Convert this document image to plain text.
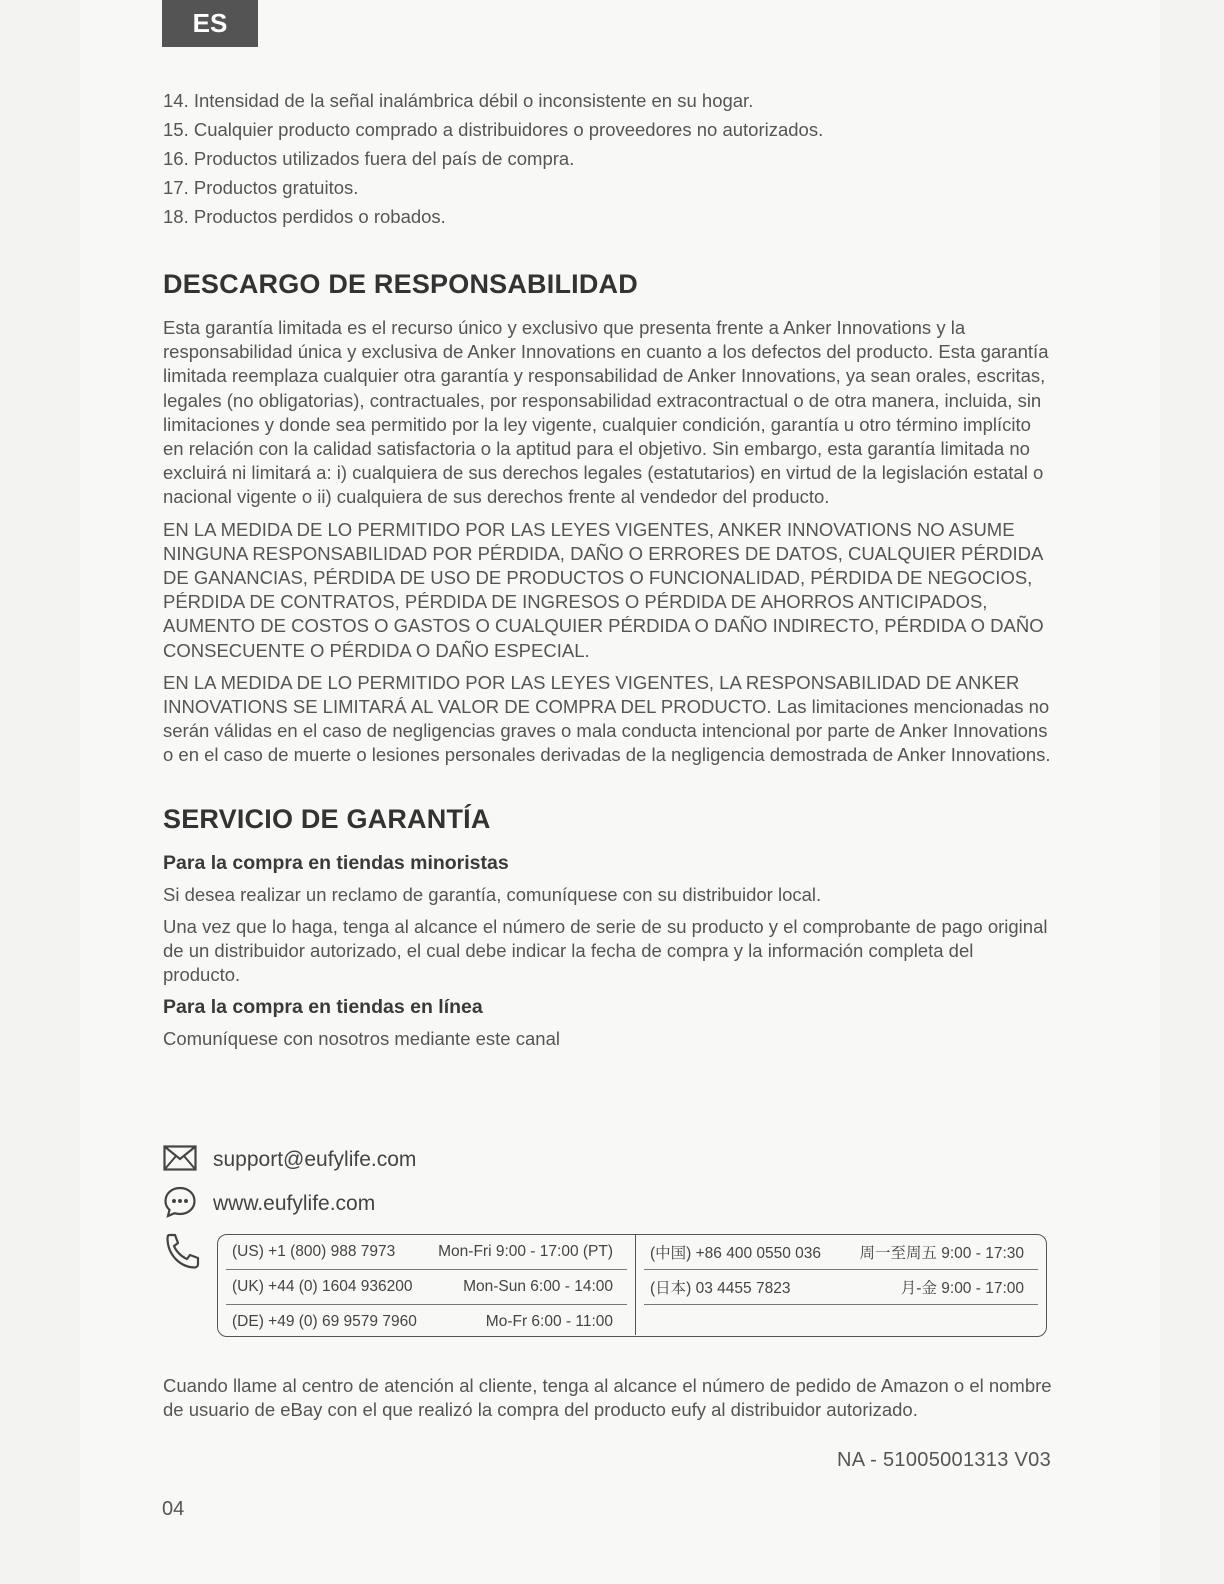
ES
14. Intensidad de la señal inalámbrica débil o inconsistente en su hogar.
15. Cualquier producto comprado a distribuidores o proveedores no autorizados.
16. Productos utilizados fuera del país de compra.
17. Productos gratuitos.
18. Productos perdidos o robados.
DESCARGO DE RESPONSABILIDAD

Esta garantía limitada es el recurso único y exclusivo que presenta frente a Anker Innovations y la responsabilidad única y exclusiva de Anker Innovations en cuanto a los defectos del producto. Esta garantía limitada reemplaza cualquier otra garantía y responsabilidad de Anker Innovations, ya sean orales, escritas, legales (no obligatorias), contractuales, por responsabilidad extracontractual o de otra manera, incluida, sin limitaciones y donde sea permitido por la ley vigente, cualquier condición, garantía u otro término implícito en relación con la calidad satisfactoria o la aptitud para el objetivo. Sin embargo, esta garantía limitada no excluirá ni limitará a: i) cualquiera de sus derechos legales (estatutarios) en virtud de la legislación estatal o nacional vigente o ii) cualquiera de sus derechos frente al vendedor del producto.

EN LA MEDIDA DE LO PERMITIDO POR LAS LEYES VIGENTES, ANKER INNOVATIONS NO ASUME NINGUNA RESPONSABILIDAD POR PÉRDIDA, DAÑO O ERRORES DE DATOS, CUALQUIER PÉRDIDA DE GANANCIAS, PÉRDIDA DE USO DE PRODUCTOS O FUNCIONALIDAD, PÉRDIDA DE NEGOCIOS, PÉRDIDA DE CONTRATOS, PÉRDIDA DE INGRESOS O PÉRDIDA DE AHORROS ANTICIPADOS, AUMENTO DE COSTOS O GASTOS O CUALQUIER PÉRDIDA O DAÑO INDIRECTO, PÉRDIDA O DAÑO CONSECUENTE O PÉRDIDA O DAÑO ESPECIAL.

EN LA MEDIDA DE LO PERMITIDO POR LAS LEYES VIGENTES, LA RESPONSABILIDAD DE ANKER INNOVATIONS SE LIMITARÁ AL VALOR DE COMPRA DEL PRODUCTO. Las limitaciones mencionadas no serán válidas en el caso de negligencias graves o mala conducta intencional por parte de Anker Innovations o en el caso de muerte o lesiones personales derivadas de la negligencia demostrada de Anker Innovations.

SERVICIO DE GARANTÍA
Para la compra en tiendas minoristas

Si desea realizar un reclamo de garantía, comuníquese con su distribuidor local.

Una vez que lo haga, tenga al alcance el número de serie de su producto y el comprobante de pago original de un distribuidor autorizado, el cual debe indicar la fecha de compra y la información completa del producto.

Para la compra en tiendas en línea

Comuníquese con nosotros mediante este canal

support@eufylife.com
www.eufylife.com
(US) +1 (800) 988 7973	Mon-Fri 9:00 - 17:00 (PT)
(UK) +44 (0) 1604 936200	Mon-Sun 6:00 - 14:00
(DE) +49 (0) 69 9579 7960	Mo-Fr 6:00 - 11:00
(中国) +86 400 0550 036 周一至周五 9:00 - 17:30
(日本) 03 4455 7823	月-金 9:00 - 17:00

Cuando llame al centro de atención al cliente, tenga al alcance el número de pedido de Amazon o el nombre de usuario de eBay con el que realizó la compra del producto eufy al distribuidor autorizado.

NA - 51005001313 V03
04
